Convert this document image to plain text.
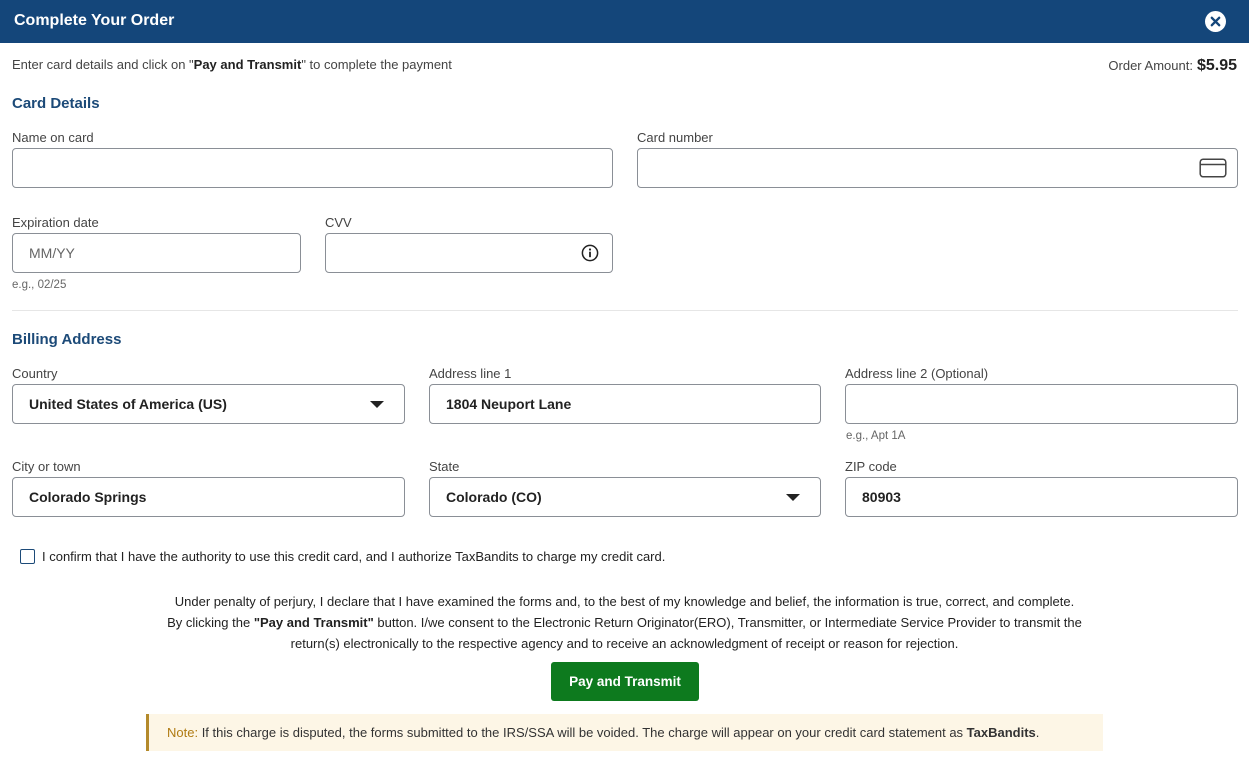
Complete Your Order
Enter card details and click on "Pay and Transmit" to complete the payment	Order Amount: $5.95
Card Details
Name on card	Card number
Expiration date
MM/YY
e.g., 02/25
CVV
Billing Address
Country
United States of America (US)
Address line 1
1804 Neuport Lane
Address line 2 (Optional)
e.g., Apt 1A
City or town
Colorado Springs
State
Colorado (CO)
ZIP code
80903
I confirm that I have the authority to use this credit card, and I authorize TaxBandits to charge my credit card.
Under penalty of perjury, I declare that I have examined the forms and, to the best of my knowledge and belief, the information is true, correct, and complete.
By clicking the "Pay and Transmit" button. I/we consent to the Electronic Return Originator(ERO), Transmitter, or Intermediate Service Provider to transmit the
return(s) electronically to the respective agency and to receive an acknowledgment of receipt or reason for rejection.
Pay and Transmit
Note: If this charge is disputed, the forms submitted to the IRS/SSA will be voided. The charge will appear on your credit card statement as TaxBandits.
